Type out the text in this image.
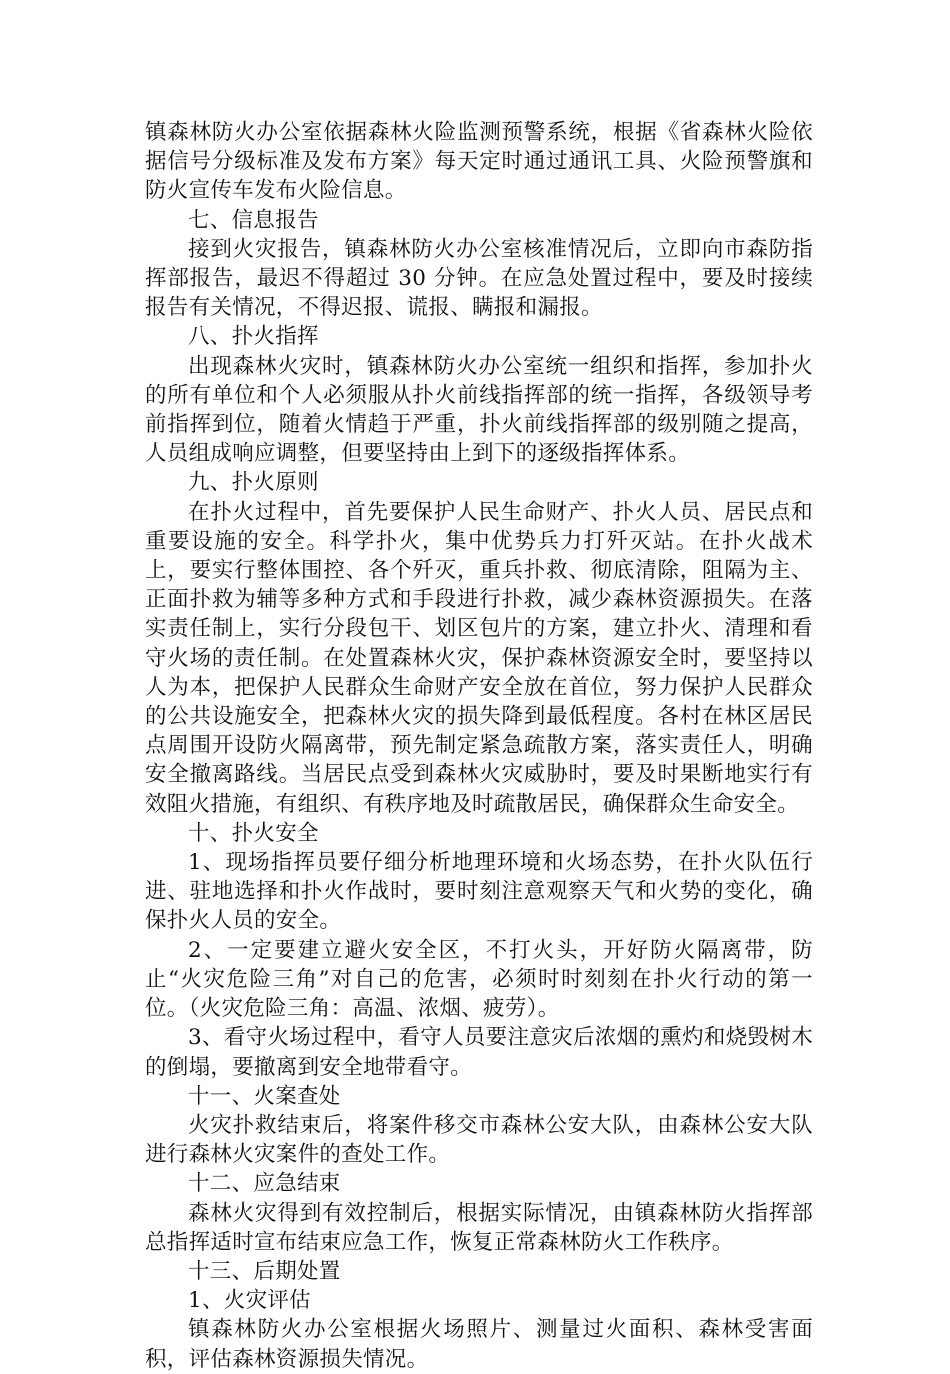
镇森林防火办公室依据森林火险监测预警系统，根据《省森林火险依据信号分级标准及发布方案》每天定时通过通讯工具、火险预警旗和防火宣传车发布火险信息。

七、信息报告

接到火灾报告，镇森林防火办公室核准情况后，立即向市森防指挥部报告，最迟不得超过 30 分钟。在应急处置过程中，要及时接续报告有关情况，不得迟报、谎报、瞒报和漏报。

八、扑火指挥

出现森林火灾时，镇森林防火办公室统一组织和指挥，参加扑火的所有单位和个人必须服从扑火前线指挥部的统一指挥，各级领导考前指挥到位，随着火情趋于严重，扑火前线指挥部的级别随之提高，人员组成响应调整，但要坚持由上到下的逐级指挥体系。

九、扑火原则

在扑火过程中，首先要保护人民生命财产、扑火人员、居民点和重要设施的安全。科学扑火，集中优势兵力打歼灭站。在扑火战术上，要实行整体围控、各个歼灭，重兵扑救、彻底清除，阻隔为主、正面扑救为辅等多种方式和手段进行扑救，减少森林资源损失。在落实责任制上，实行分段包干、划区包片的方案，建立扑火、清理和看守火场的责任制。在处置森林火灾，保护森林资源安全时，要坚持以人为本，把保护人民群众生命财产安全放在首位，努力保护人民群众的公共设施安全，把森林火灾的损失降到最低程度。各村在林区居民点周围开设防火隔离带，预先制定紧急疏散方案，落实责任人，明确安全撤离路线。当居民点受到森林火灾威胁时，要及时果断地实行有效阻火措施，有组织、有秩序地及时疏散居民，确保群众生命安全。

十、扑火安全

1、现场指挥员要仔细分析地理环境和火场态势，在扑火队伍行进、驻地选择和扑火作战时，要时刻注意观察天气和火势的变化，确保扑火人员的安全。

2、一定要建立避火安全区，不打火头，开好防火隔离带，防止“火灾危险三角”对自己的危害，必须时时刻刻在扑火行动的第一位。（火灾危险三角：高温、浓烟、疲劳）。

3、看守火场过程中，看守人员要注意灾后浓烟的熏灼和烧毁树木的倒塌，要撤离到安全地带看守。

十一、火案查处

火灾扑救结束后，将案件移交市森林公安大队，由森林公安大队进行森林火灾案件的查处工作。

十二、应急结束

森林火灾得到有效控制后，根据实际情况，由镇森林防火指挥部总指挥适时宣布结束应急工作，恢复正常森林防火工作秩序。

十三、后期处置

1、火灾评估

镇森林防火办公室根据火场照片、测量过火面积、森林受害面积，评估森林资源损失情况。
